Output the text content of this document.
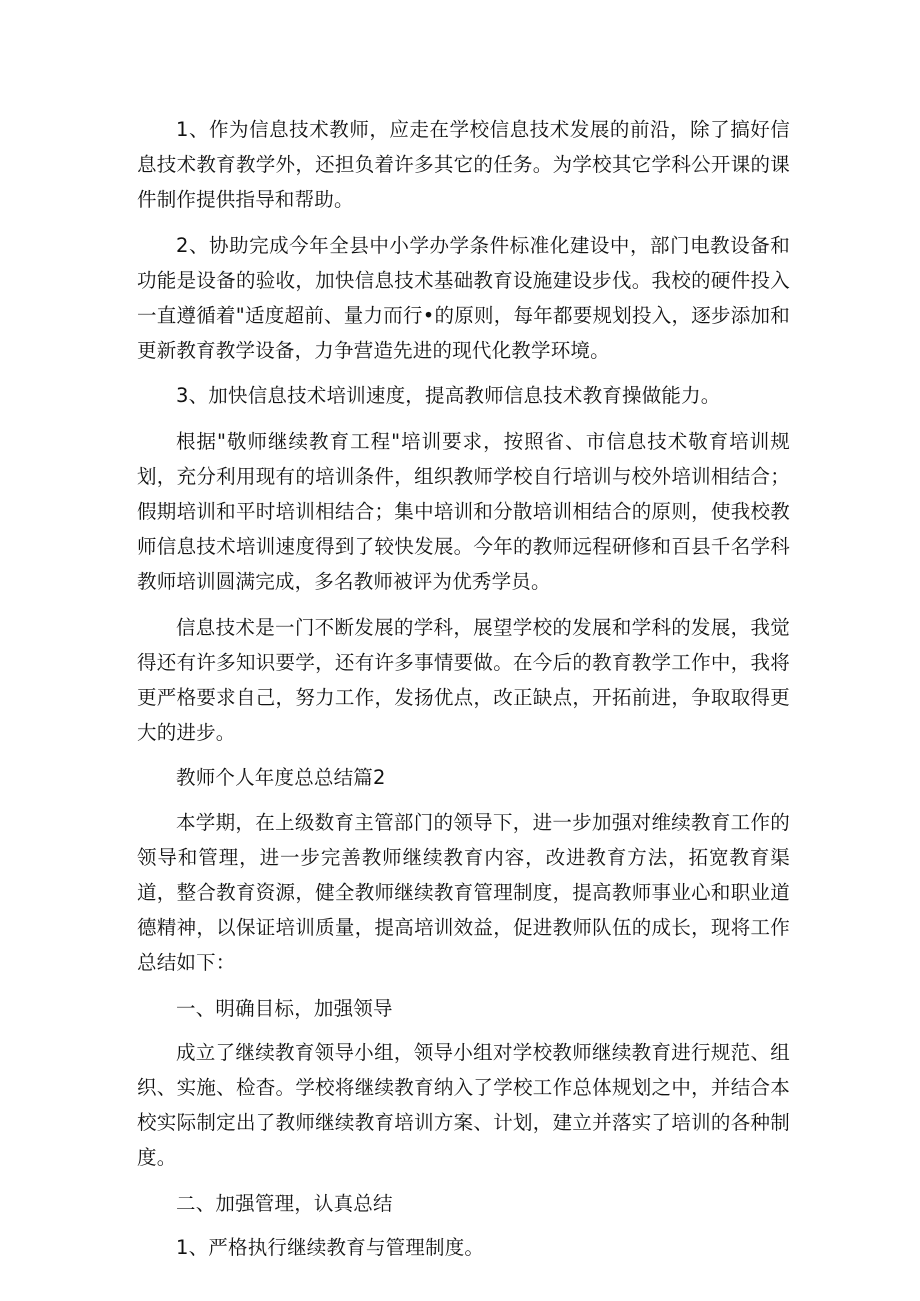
1、作为信息技术教师，应走在学校信息技术发展的前沿，除了搞好信息技术教育教学外，还担负着许多其它的任务。为学校其它学科公开课的课件制作提供指导和帮助。

2、协助完成今年全县中小学办学条件标准化建设中，部门电教设备和功能是设备的验收，加快信息技术基础教育设施建设步伐。我校的硬件投入一直遵循着"适度超前、量力而行•的原则，每年都要规划投入，逐步添加和更新教育教学设备，力争营造先进的现代化教学环境。

3、加快信息技术培训速度，提高教师信息技术教育操做能力。

根据"敬师继续教育工程"培训要求，按照省、市信息技术敬育培训规划，充分利用现有的培训条件，组织教师学校自行培训与校外培训相结合；假期培训和平时培训相结合；集中培训和分散培训相结合的原则，使我校教师信息技术培训速度得到了较快发展。今年的教师远程研修和百县千名学科教师培训圆满完成，多名教师被评为优秀学员。

信息技术是一门不断发展的学科，展望学校的发展和学科的发展，我觉得还有许多知识要学，还有许多事情要做。在今后的教育教学工作中，我将更严格要求自己，努力工作，发扬优点，改正缺点，开拓前进，争取取得更大的进步。

教师个人年度总总结篇2

本学期，在上级数育主管部门的领导下，进一步加强对维续教育工作的领导和管理，进一步完善教师继续教育内容，改进教育方法，拓宽教育渠道，整合教育资源，健全教师继续教育管理制度，提高教师事业心和职业道德精神，以保证培训质量，提高培训效益，促进教师队伍的成长，现将工作总结如下：

一、明确目标，加强领导

成立了继续教育领导小组，领导小组对学校教师继续教育进行规范、组织、实施、检杳。学校将继续教育纳入了学校工作总体规划之中，并结合本校实际制定出了教师继续教育培训方案、计划，建立并落实了培训的各种制度。

二、加强管理，认真总结

1、严格执行继续教育与管理制度。
